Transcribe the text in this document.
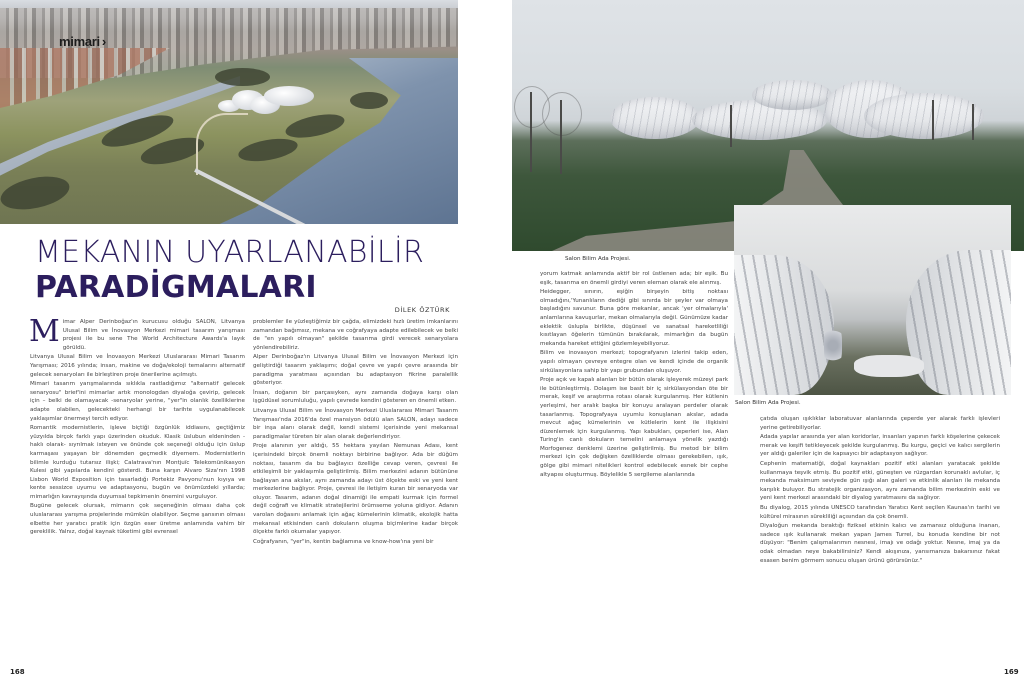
mimari ›
MEKANIN UYARLANABİLİR
PARADİGMALARI
DİLEK ÖZTÜRK

Mimar Alper Derinboğaz'ın kurucusu olduğu SALON, Litvanya Ulusal Bilim ve İnovasyon Merkezi mimari tasarım yarışması projesi ile bu sene The World Architecture Awards'a layık görüldü.

Litvanya Ulusal Bilim ve İnovasyon Merkezi Uluslararası Mimari Tasarım Yarışması; 2016 yılında; insan, makine ve doğa/ekoloji temalarını alternatif gelecek senaryoları ile birleştiren proje önerilerine açılmıştı.

Mimari tasarım yarışmalarında sıklıkla rastladığımız "alternatif gelecek senaryosu" brief'ini mimarlar artık monologdan diyaloğa çevirip, gelecek için – belki de olamayacak -senaryolar yerine, "yer"in olanlık özelliklerine adapte olabilen, gelecekteki herhangi bir tarihte uygulanabilecek yaklaşımlar önermeyi tercih ediyor.

Romantik modernistlerin, işleve biçtiği özgünlük iddiasını, geçtiğimiz yüzyılda birçok farklı yapı üzerinden okuduk. Klasik üslubun eldeninden -haklı olarak- sıyrılmak isteyen ve önünde çok seçeneği olduğu için üslup karmaşası yaşayan bir dönemden geçmedik diyemem. Modernistlerin bilimle kurduğu tutarsız ilişki; Calatrava'nın Montjuïc Telekomünikasyon Kulesi gibi yapılarda kendini gösterdi. Buna karşın Alvaro Siza'nın 1998 Lisbon World Exposition için tasarladığı Portekiz Pavyonu'nun kıyıya ve kente sessizce uyumu ve adaptasyonu, bugün ve önümüzdeki yıllarda; mimarlığın kavrayışında duyumsal tepkimenin önemini vurguluyor.

Bugüne gelecek olursak, mimarın çok seçeneğinin olması daha çok uluslararası yarışma projelerinde mümkün olabiliyor. Seçme şansının olması elbette her yaratıcı pratik için özgün eser üretme anlamında vahim bir gereklilik. Yalnız, doğal kaynak tüketimi gibi evrensel

problemler ile yüzleştiğimiz bir çağda, elimizdeki hızlı üretim imkanlarını zamandan bağımsız, mekana ve coğrafyaya adapte edilebilecek ve belki de "en yapılı olmayan" şekilde tasarıma girdi verecek senaryolara yönlendirebiliriz.

Alper Derinboğaz'ın Litvanya Ulusal Bilim ve İnovasyon Merkezi için geliştirdiği tasarım yaklaşımı; doğal çevre ve yapılı çevre arasında bir paradigma yaratması açısından bu adaptasyon fikrine paralellik gösteriyor.

İnsan, doğanın bir parçasıyken, aynı zamanda doğaya karşı olan işgüdüsel sorumluluğu, yapılı çevrede kendini gösteren en önemli etken.

Litvanya Ulusal Bilim ve İnovasyon Merkezi Uluslararası Mimari Tasarım Yarışması'nda 2016'da özel mansiyon ödülü alan SALON, adayı sadece bir inşa alanı olarak değil, kendi sistemi içerisinde yeni mekansal paradigmalar türeten bir alan olarak değerlendiriyor.

Proje alanının yer aldığı, 55 hektara yayılan Nemunas Adası, kent içerisindeki birçok önemli noktayı birbirine bağlıyor. Ada bir düğüm noktası, tasarım da bu bağlayıcı özelliğe cevap veren, çevresi ile etkileşimli bir yaklaşımla geliştirilmiş. Bilim merkezini adanın bütününe bağlayan ana akslar, aynı zamanda adayı üst ölçekte eski ve yeni kent merkezlerine bağlıyor. Proje, çevresi ile iletişim kuran bir senaryoda var oluyor. Tasarım, adanın doğal dinamiği ile empati kurmak için formel değil coğrafi ve klimatik stratejilerini örümseme yoluna gidiyor. Adanın varolan doğasını anlamak için ağaç kümelerinin klimatik, ekolojik hatta mekansal etkisinden canlı dokuların oluşma biçimlerine kadar birçok ölçekte farklı okumalar yapıyor.

Coğrafyanın, "yer"in, kentin bağlamına ve know-how'ına yeni bir

168
Salon Bilim Ada Projesi.
Salon Bilim Ada Projesi.

yorum katmak anlamında aktif bir rol üstlenen ada; bir eşik. Bu eşik, tasarıma en önemli girdiyi veren eleman olarak ele alınmış.

Heidegger, sınırın, eşiğin birşeyin bitiş noktası olmadığını,'Yunanlıların dediği gibi sınırda bir şeyler var olmaya başladığını savunur. Buna göre mekanlar, ancak 'yer olmalarıyla' anlamlarına kavuşurlar, mekan olmalarıyla değil. Günümüze kadar eklektik üslupla birlikte, düşünsel ve sanatsal hareketliliği kısıtlayan öğelerin tümünün bırakılarak, mimarlığın da bugün mekanda hareket ettiğini gözlemleyebiliyoruz.

Bilim ve inovasyon merkezi; topografyanın izlerini takip eden, yapılı olmayan çevreye entegre olan ve kendi içinde de organik sirkülasyonlara sahip bir yapı grubundan oluşuyor.

Proje açık ve kapalı alanları bir bütün olarak işleyerek müzeyi park ile bütünleştirmiş. Dolaşım ise basit bir iç sirkülasyondan öte bir merak, keşif ve araştırma rotası olarak kurgulanmış. Her kütlenin yerleşimi, her aralık başka bir konuyu aralayan perdeler olarak tasarlanmış. Topografyaya uyumlu konuşlanan akslar, adada mevcut ağaç kümelerinin ve kütlelerin kent ile ilişkisini düzenlemek için kurgulanmış. Yapı kabukları, çeperleri ise, Alan Turing'in canlı dokuların temelini anlamaya yönelik yazdığı Morfogenez denklemi üzerine geliştirilmiş. Bu metod bir bilim merkezi için çok değişken özelliklerde olması gerekebilen, ışık, gölge gibi mimari nitelikleri kontrol edebilecek esnek bir cephe altyapısı oluşturmuş. Böylelikle 5 sergileme alanlarında

çatıda oluşan ışıklıklar laboratuvar alanlarında çeperde yer alarak farklı işlevleri yerine getirebiliyorlar.

Adada yapılar arasında yer alan koridorlar, insanları yapının farklı köşelerine çekecek merak ve keşifi tetikleyecek şekilde kurgulanmış. Bu kurgu, geçici ve kalıcı sergilerin yer aldığı galeriler için de kapsayıcı bir adaptasyon sağlıyor.

Cephenin matematiği, doğal kaynakları pozitif etki alanları yaratacak şekilde kullanmaya teşvik etmiş. Bu pozitif etki, güneşten ve rüzgardan korunaklı avlular, iç mekanda maksimum seviyede gün ışığı alan galeri ve etkinlik alanları ile mekanda karşılık buluyor. Bu stratejik organizasyon, aynı zamanda bilim merkezinin eski ve yeni kent merkezi arasındaki bir diyalog yaratmasını da sağlıyor.

Bu diyalog, 2015 yılında UNESCO tarafından Yaratıcı Kent seçilen Kaunas'ın tarihi ve kültürel mirasının sürekliliği açısından da çok önemli.

Diyaloğun mekanda bıraktığı fiziksel etkinin kalıcı ve zamansız olduğuna inanan, sadece ışık kullanarak mekan yapan James Turrel, bu konuda kendine bir not düşüyor: "Benim çalışmalarımın nesnesi, imajı ve odağı yoktur. Nesne, imaj ya da odak olmadan neye bakabilirsiniz? Kendi akışınıza, yansımanıza bakarsınız fakat esasen benim görmem sonucu oluşan ürünü görürsünüz."

169
